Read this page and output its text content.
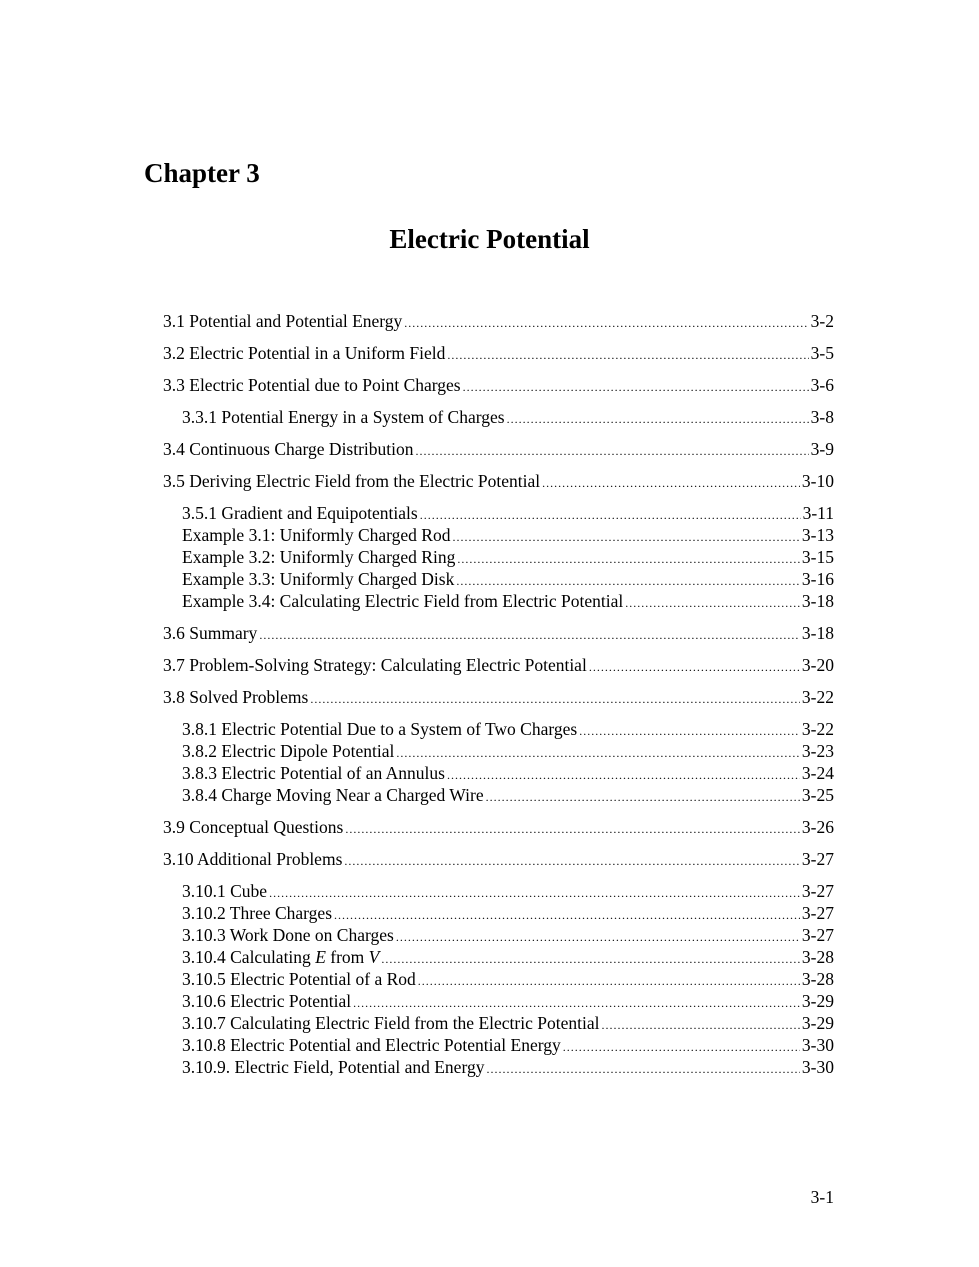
Chapter 3
Electric Potential
3.1 Potential and Potential Energy .....	3-2
3.2 Electric Potential in a Uniform Field .....	3-5
3.3 Electric Potential due to Point Charges .....	3-6
3.3.1 Potential Energy in a System of Charges .....	3-8
3.4 Continuous Charge Distribution .....	3-9
3.5 Deriving Electric Field from the Electric Potential .....	3-10
3.5.1 Gradient and Equipotentials .....	3-11
Example 3.1: Uniformly Charged Rod .....	3-13
Example 3.2: Uniformly Charged Ring .....	3-15
Example 3.3: Uniformly Charged Disk .....	3-16
Example 3.4: Calculating Electric Field from Electric Potential .....	3-18
3.6 Summary .....	3-18
3.7 Problem-Solving Strategy: Calculating Electric Potential .....	3-20
3.8 Solved Problems .....	3-22
3.8.1 Electric Potential Due to a System of Two Charges .....	3-22
3.8.2 Electric Dipole Potential .....	3-23
3.8.3 Electric Potential of an Annulus .....	3-24
3.8.4 Charge Moving Near a Charged Wire .....	3-25
3.9 Conceptual Questions .....	3-26
3.10 Additional Problems .....	3-27
3.10.1 Cube .....	3-27
3.10.2 Three Charges .....	3-27
3.10.3 Work Done on Charges .....	3-27
3.10.4 Calculating E from V .....	3-28
3.10.5 Electric Potential of a Rod .....	3-28
3.10.6 Electric Potential .....	3-29
3.10.7 Calculating Electric Field from the Electric Potential .....	3-29
3.10.8 Electric Potential and Electric Potential Energy .....	3-30
3.10.9. Electric Field, Potential and Energy .....	3-30

3-1
